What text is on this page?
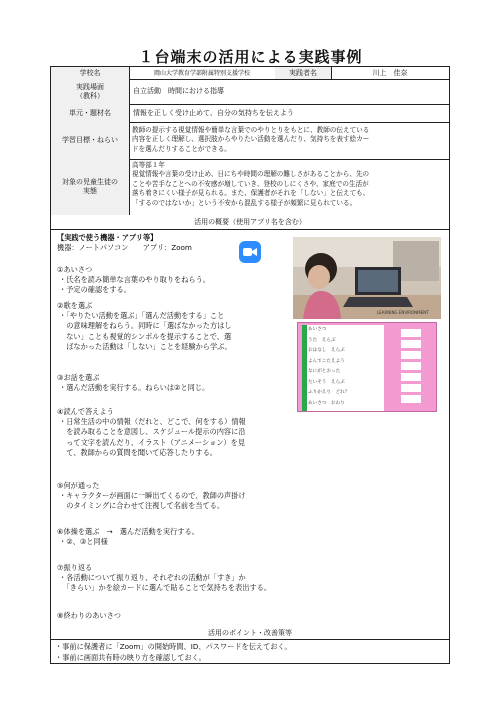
１台端末の活用による実践事例
学校名	岡山大学教育学部附属特別支援学校	実践者名	川上　佳奈
実践場面
（教科）
自立活動　時間における指導
単元・題材名	情報を正しく受け止めて、自分の気持ちを伝えよう
学習目標・ねらい
教師の提示する視覚情報や簡単な言葉でのやりとりをもとに、教師の伝えている
内容を正しく理解し、選択肢からやりたい活動を選んだり、気持ちを表す絵カー
ドを選んだりすることができる。
対象の児童生徒の
実態
高等部１年
視覚情報や言葉の受け止め、日にちや時間の理解の難しさがあることから、先の
ことや苦手なことへの不安感が増していき、登校のしにくさや、家庭での生活が
落ち着きにくい様子が見られる。また、保護者がそれを「しない」と伝えても、
「するのではないか」という不安から混乱する様子が頻繁に見られている。
活用の概要（使用アプリ名を含む）
【実践で使う機器・アプリ等】
機器：ノートパソコン　　アプリ：Zoom
①あいさつ
・氏名を読み簡単な言葉のやり取りをねらう。
・予定の確認をする。
②歌を選ぶ
・「やりたい活動を選ぶ」「選んだ活動をする」こと
　の意味理解をねらう。同時に「選ばなかった方はし
　ない」ことも視覚的シンボルを提示することで、選
　ばなかった活動は「しない」ことを経験から学ぶ。
③お話を選ぶ
・選んだ活動を実行する。ねらいは②と同じ。
④読んで答えよう
・日常生活の中の情報（だれと、どこで、何をする）情報
　を読み取ることを意図し、スケジュール提示の内容に沿
　って文字を読んだり、イラスト（アニメーション）を見
　て、教師からの質問を聞いて応答したりする。
⑤何が通った
・キャラクターが画面に一瞬出てくるので、教師の声掛け
　のタイミングに合わせて注視して名前を当てる。
⑥体操を選ぶ　→　選んだ活動を実行する。
・②、③と同様
⑦振り返る
・各活動について振り返り、それぞれの活動が「すき」か
　「きらい」かを絵カードに選んで貼ることで気持ちを表出する。
⑧終わりのあいさつ
LEARNING ENVIRONMENT
あいさつ
うた　えらぶ
おはなし　えらぶ
よんでこたえよう
なにがとおった
たいそう　えらぶ
ふりかえり　どれ？
あいさつ　おわり
活用のポイント・改善策等
・事前に保護者に「Zoom」の開始時間、ID、パスワードを伝えておく。
・事前に画面共有時の映り方を確認しておく。
